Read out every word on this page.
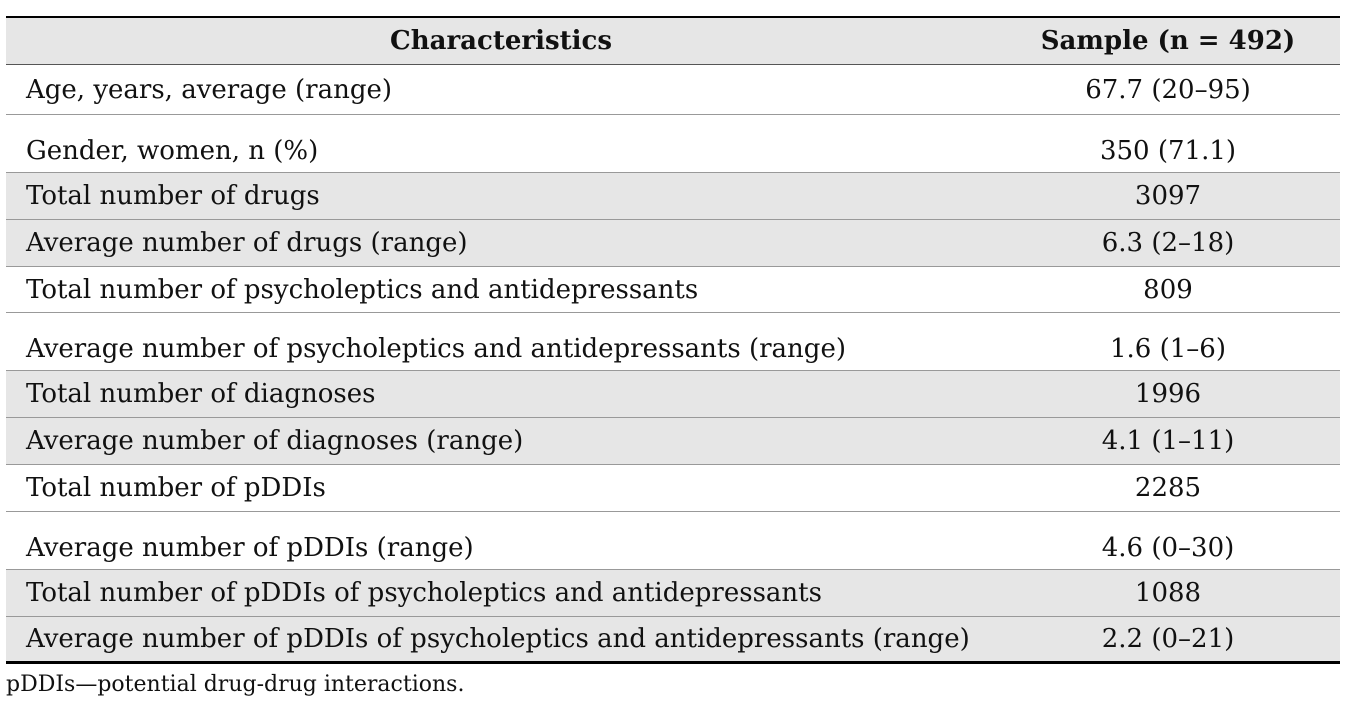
Characteristics	Sample (n = 492)
Age, years, average (range)	67.7 (20–95)
Gender, women, n (%)	350 (71.1)
Total number of drugs	3097
Average number of drugs (range)	6.3 (2–18)
Total number of psycholeptics and antidepressants	809
Average number of psycholeptics and antidepressants (range)	1.6 (1–6)
Total number of diagnoses	1996
Average number of diagnoses (range)	4.1 (1–11)
Total number of pDDIs	2285
Average number of pDDIs (range)	4.6 (0–30)
Total number of pDDIs of psycholeptics and antidepressants	1088
Average number of pDDIs of psycholeptics and antidepressants (range)	2.2 (0–21)
pDDIs—potential drug-drug interactions.
